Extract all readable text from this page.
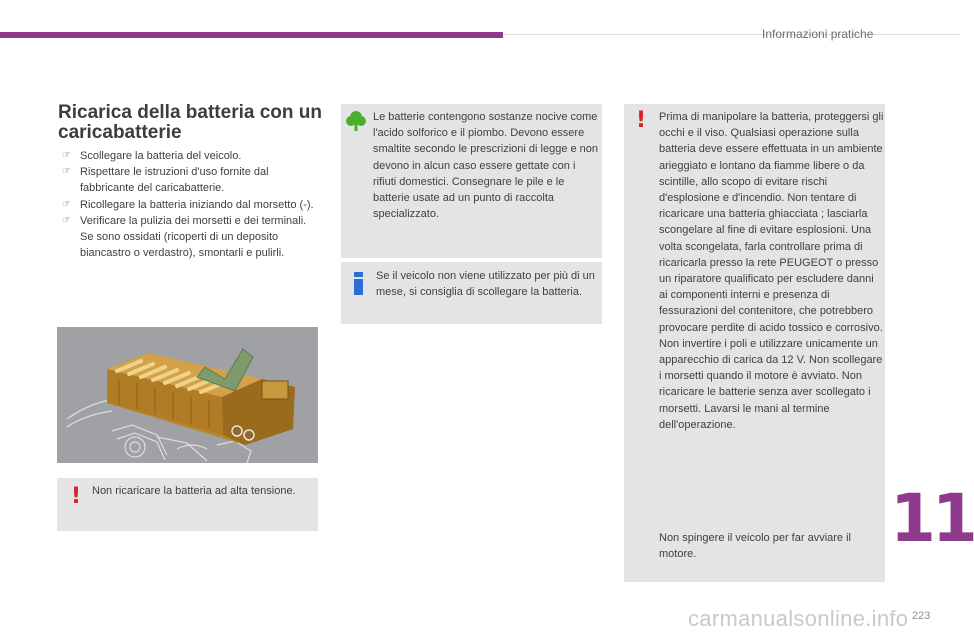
Informazioni pratiche
Ricarica della batteria con un caricabatterie
☞ Scollegare la batteria del veicolo.
☞ Rispettare le istruzioni d'uso fornite dal fabbricante del caricabatterie.
☞ Ricollegare la batteria iniziando dal morsetto (-).
☞ Verificare la pulizia dei morsetti e dei terminali. Se sono ossidati (ricoperti di un deposito biancastro o verdastro), smontarli e pulirli.
! Non ricaricare la batteria ad alta tensione.

Le batterie contengono sostanze nocive come l'acido solforico e il piombo. Devono essere smaltite secondo le prescrizioni di legge e non devono in alcun caso essere gettate con i rifiuti domestici. Consegnare le pile e le batterie usate ad un punto di raccolta specializzato.

Se il veicolo non viene utilizzato per più di un mese, si consiglia di scollegare la batteria.

! Prima di manipolare la batteria, proteggersi gli occhi e il viso. Qualsiasi operazione sulla batteria deve essere effettuata in un ambiente arieggiato e lontano da fiamme libere o da scintille, allo scopo di evitare rischi d'esplosione e d'incendio. Non tentare di ricaricare una batteria ghiacciata ; lasciarla scongelare al fine di evitare esplosioni. Una volta scongelata, farla controllare prima di ricaricarla presso la rete PEUGEOT o presso un riparatore qualificato per escludere danni ai componenti interni e presenza di fessurazioni del contenitore, che potrebbero provocare perdite di acido tossico e corrosivo. Non invertire i poli e utilizzare unicamente un apparecchio di carica da 12 V. Non scollegare i morsetti quando il motore è avviato. Non ricaricare le batterie senza aver scollegato i morsetti. Lavarsi le mani al termine dell'operazione.

Non spingere il veicolo per far avviare il motore.	11
223
carmanualsonline.info
